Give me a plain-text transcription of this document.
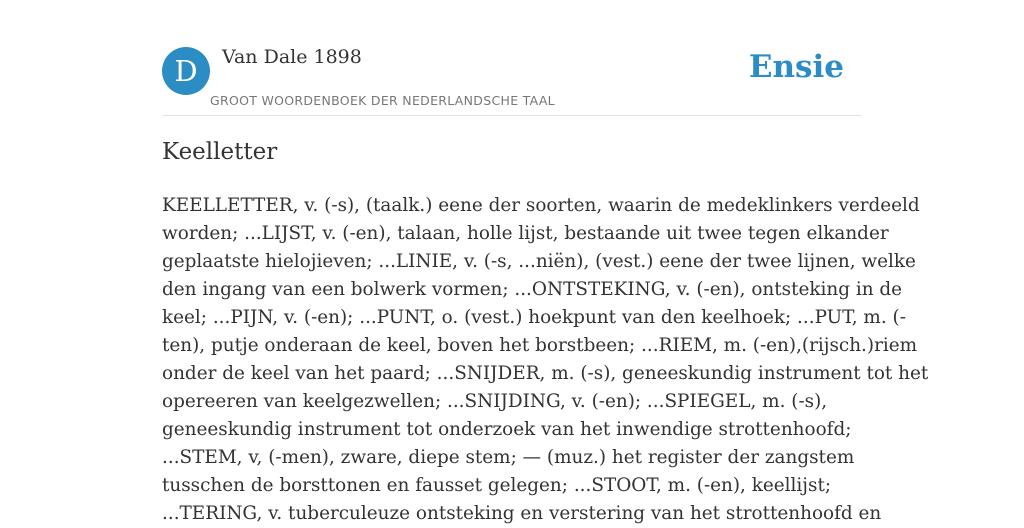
D	Van Dale 1898
GROOT WOORDENBOEK DER NEDERLANDSCHE TAAL
Ensie
Keelletter

KEELLETTER, v. (-s), (taalk.) eene der soorten, waarin de medeklinkers verdeeld
worden; ...LIJST, v. (-en), talaan, holle lijst, bestaande uit twee tegen elkander
geplaatste hielojieven; ...LINIE, v. (-s, ...niën), (vest.) eene der twee lijnen, welke
den ingang van een bolwerk vormen; ...ONTSTEKING, v. (-en), ontsteking in de
keel; ...PIJN, v. (-en); ...PUNT, o. (vest.) hoekpunt van den keelhoek; ...PUT, m. (-
ten), putje onderaan de keel, boven het borstbeen; ...RIEM, m. (-en),(rijsch.)riem
onder de keel van het paard; ...SNIJDER, m. (-s), geneeskundig instrument tot het
opereeren van keelgezwellen; ...SNIJDING, v. (-en); ...SPIEGEL, m. (-s),
geneeskundig instrument tot onderzoek van het inwendige strottenhoofd;
...STEM, v, (-men), zware, diepe stem; — (muz.) het register der zangstem
tusschen de borsttonen en fausset gelegen; ...STOOT, m. (-en), keellijst;
...TERING, v. tuberculeuze ontsteking en verstering van het strottenhoofd en
